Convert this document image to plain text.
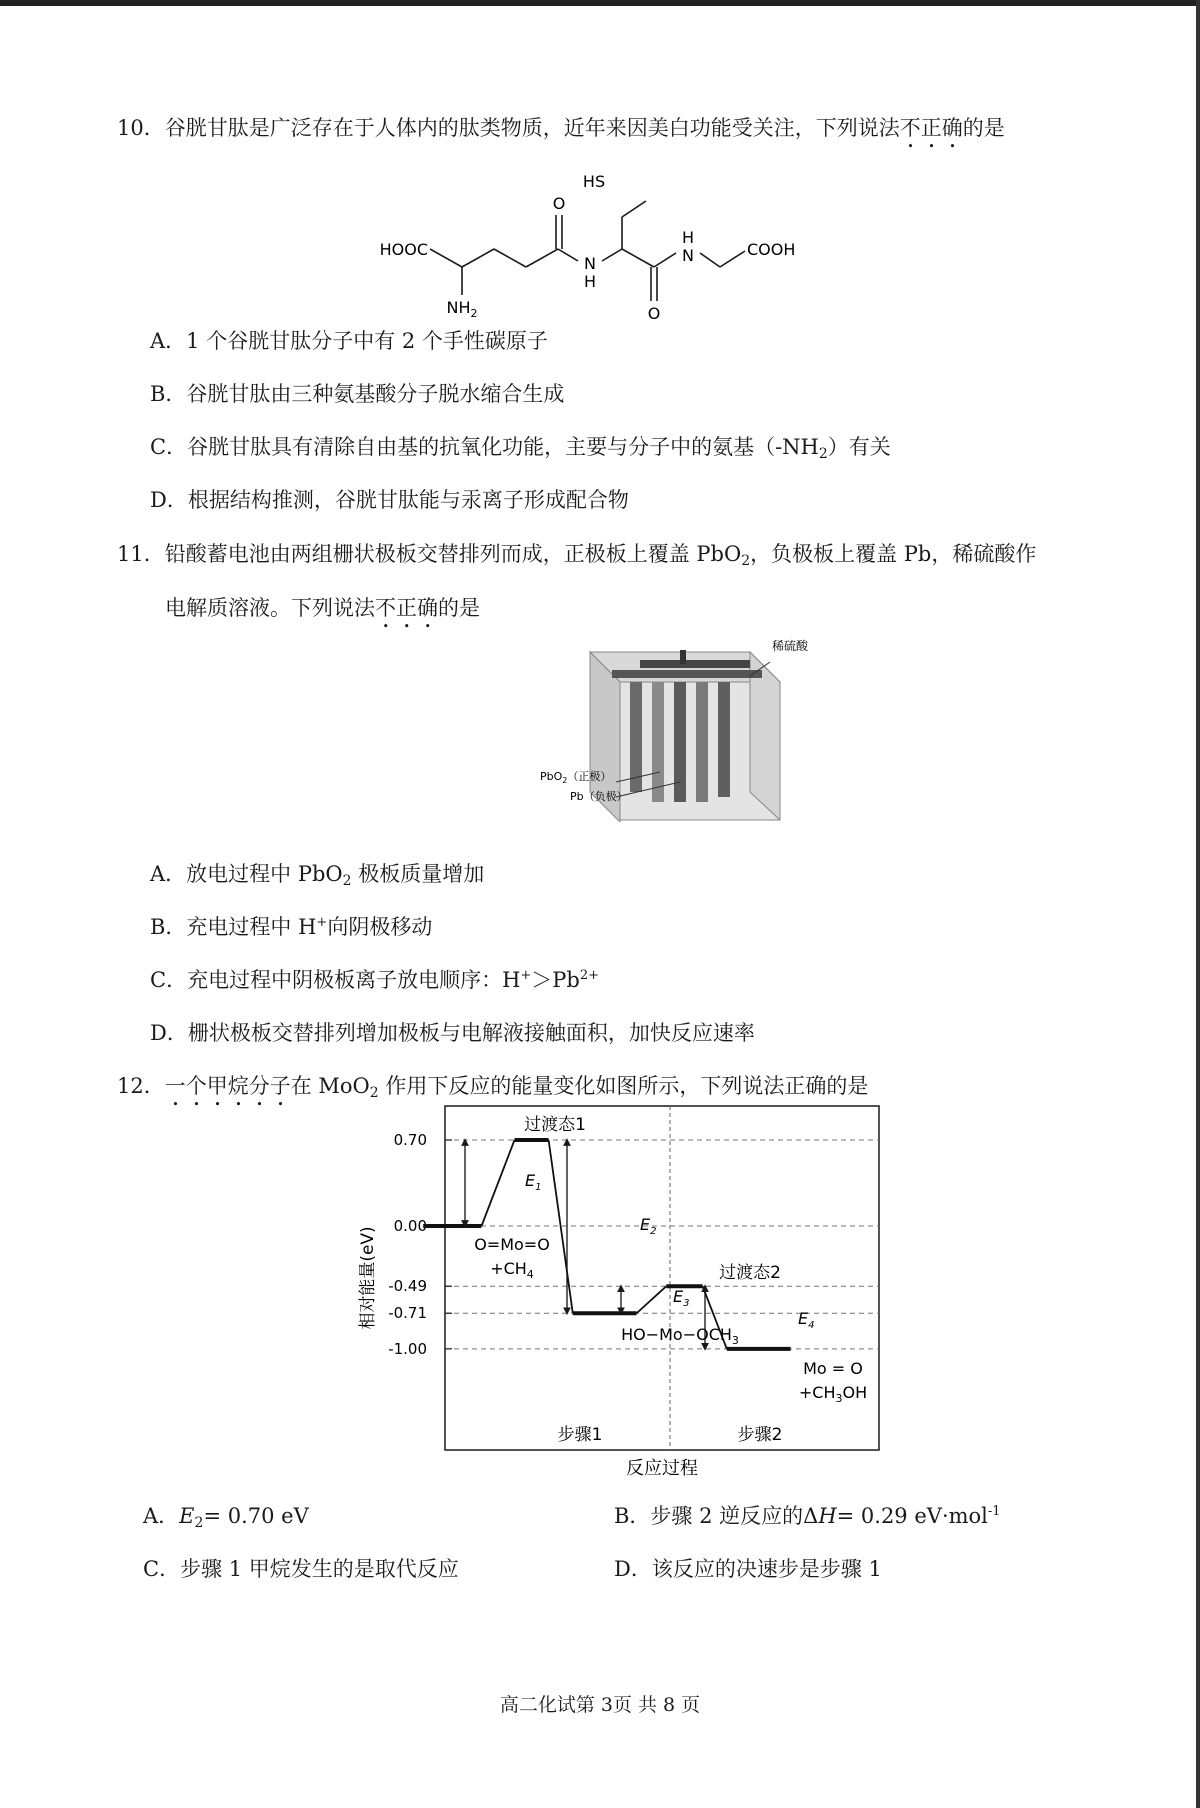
10．谷胱甘肽是广泛存在于人体内的肽类物质，近年来因美白功能受关注，下列说法不正确的是
HS
HOOC
O
N
H
H
N	COOH
O
$NH_2$
A．1 个谷胱甘肽分子中有 2 个手性碳原子
B．谷胱甘肽由三种氨基酸分子脱水缩合生成
C．谷胱甘肽具有清除自由基的抗氧化功能，主要与分子中的氨基$(-NH_2)$有关
D．根据结构推测，谷胱甘肽能与汞离子形成配合物
11．铅酸蓄电池由两组栅状极板交替排列而成，正极板上覆盖 PbO$_2$，负极板上覆盖 Pb，稀硫酸作
电解质溶液。下列说法不正确的是
稀硫酸
PbO$_2$（正极）
Pb（负极）
A．放电过程中 PbO$_2$ 极板质量增加
B．充电过程中 H+向阴极移动
C．充电过程中阴极板离子放电顺序：$H^+>Pb^{2+}$
D．栅状极板交替排列增加极板与电解液接触面积，加快反应速率
12．一个甲烷分子在 MoO$_2$ 作用下反应的能量变化如图所示，下列说法正确的是
0.70
0.00
-0.49
-0.71
-1.00
过渡态1
过渡态2
O=Mo=O
$+CH_4$
$HO-Mo-OCH_3$
Mo = O
$+CH_3OH$
$E_1$
$E_2$
$E_3$
$E_4$
步骤1	步骤2
反应过程
相对能量(eV)
A．$E_2= 0.70$ eV	B．步骤 2 逆反应的ΔH= 0.29 eV·mol$^{-1}$
C．步骤 1 甲烷发生的是取代反应	D．该反应的决速步是步骤 1
高二化试第 3页 共 8 页
